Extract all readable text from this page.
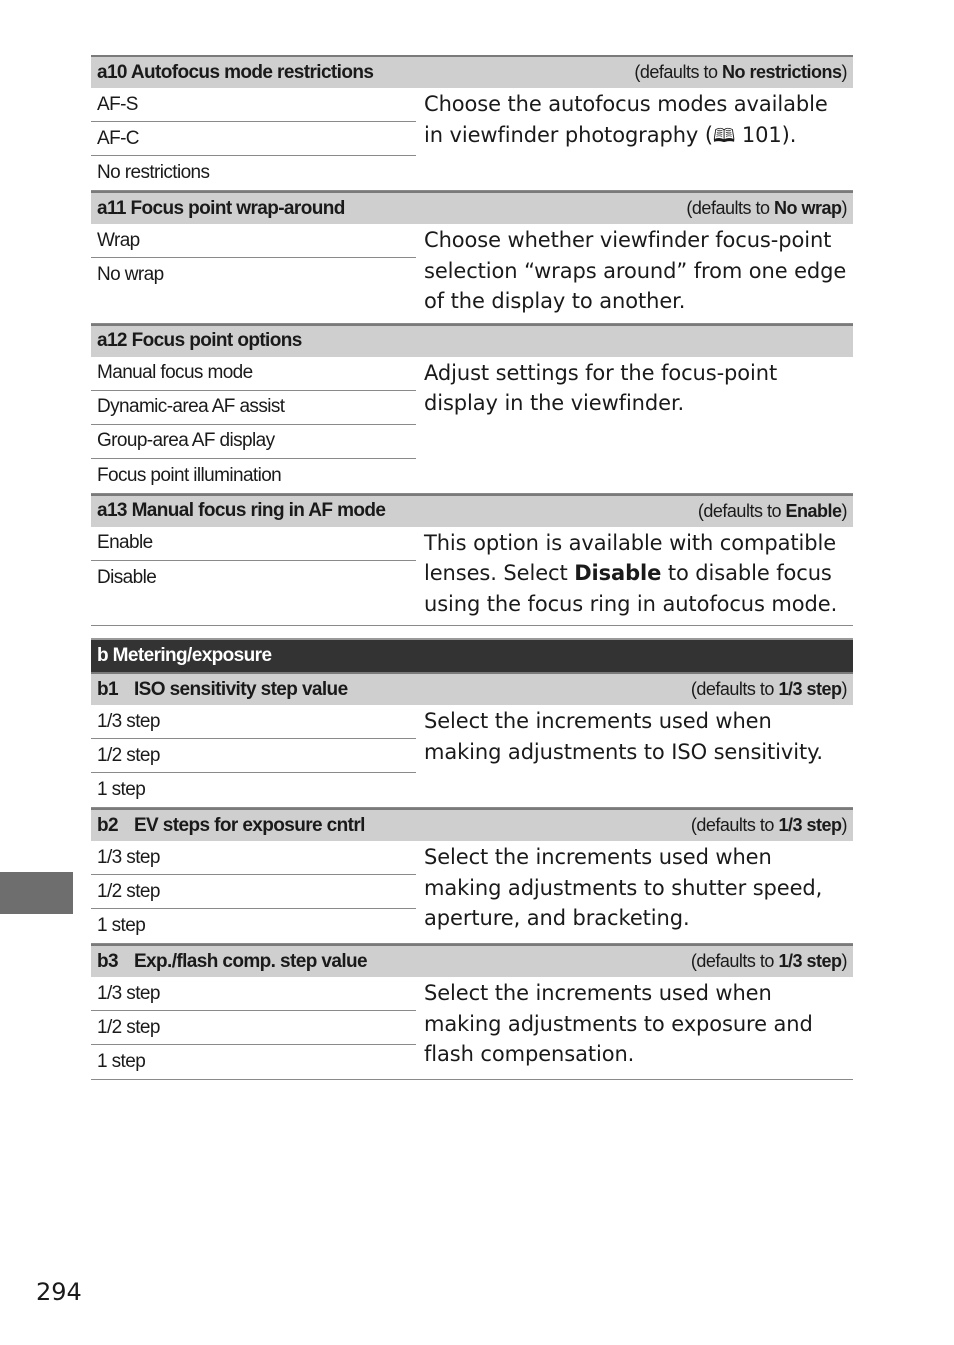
a10 Autofocus mode restrictions	(defaults to No restrictions)
AF-S
AF-C
No restrictions
Choose the autofocus modes available in viewfinder photography (🕮 101).
a11 Focus point wrap-around	(defaults to No wrap)
Wrap
No wrap
Choose whether viewfinder focus-point selection “wraps around” from one edge of the display to another.
a12 Focus point options
Manual focus mode
Dynamic-area AF assist
Group-area AF display
Focus point illumination
Adjust settings for the focus-point display in the viewfinder.
a13 Manual focus ring in AF mode	(defaults to Enable)
Enable
Disable
This option is available with compatible lenses. Select Disable to disable focus using the focus ring in autofocus mode.
b Metering/exposure
b1 ISO sensitivity step value	(defaults to 1/3 step)
1/3 step
1/2 step
1 step
Select the increments used when making adjustments to ISO sensitivity.
b2 EV steps for exposure cntrl	(defaults to 1/3 step)
1/3 step
1/2 step
1 step
Select the increments used when making adjustments to shutter speed, aperture, and bracketing.
b3 Exp./flash comp. step value	(defaults to 1/3 step)
1/3 step
1/2 step
1 step
Select the increments used when making adjustments to exposure and flash compensation.
294
